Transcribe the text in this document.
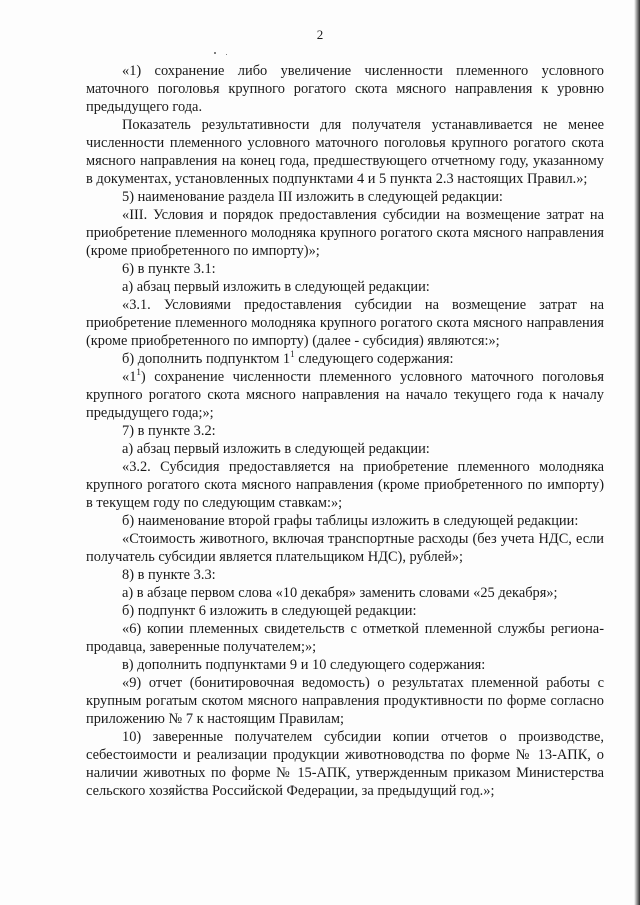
2

«1) сохранение либо увеличение численности племенного условного маточного поголовья крупного рогатого скота мясного направления к уровню предыдущего года.

Показатель результативности для получателя устанавливается не менее численности племенного условного маточного поголовья крупного рогатого скота мясного направления на конец года, предшествующего отчетному году, указанному в документах, установленных подпунктами 4 и 5 пункта 2.3 настоящих Правил.»;

5) наименование раздела III изложить в следующей редакции:

«III. Условия и порядок предоставления субсидии на возмещение затрат на приобретение племенного молодняка крупного рогатого скота мясного направления (кроме приобретенного по импорту)»;

6) в пункте 3.1:

а) абзац первый изложить в следующей редакции:

«3.1. Условиями предоставления субсидии на возмещение затрат на приобретение племенного молодняка крупного рогатого скота мясного направления (кроме приобретенного по импорту) (далее - субсидия) являются:»;

б) дополнить подпунктом $1^1$ следующего содержания:

«$1^1$) сохранение численности племенного условного маточного поголовья крупного рогатого скота мясного направления на начало текущего года к началу предыдущего года;»;

7) в пункте 3.2:

а) абзац первый изложить в следующей редакции:

«3.2. Субсидия предоставляется на приобретение племенного молодняка крупного рогатого скота мясного направления (кроме приобретенного по импорту) в текущем году по следующим ставкам:»;

б) наименование второй графы таблицы изложить в следующей редакции:

«Стоимость животного, включая транспортные расходы (без учета НДС, если получатель субсидии является плательщиком НДС), рублей»;

8) в пункте 3.3:

а) в абзаце первом слова «10 декабря» заменить словами «25 декабря»;

б) подпункт 6 изложить в следующей редакции:

«6) копии племенных свидетельств с отметкой племенной службы региона-продавца, заверенные получателем;»;

в) дополнить подпунктами 9 и 10 следующего содержания:

«9) отчет (бонитировочная ведомость) о результатах племенной работы с крупным рогатым скотом мясного направления продуктивности по форме согласно приложению № 7 к настоящим Правилам;

10) заверенные получателем субсидии копии отчетов о производстве, себестоимости и реализации продукции животноводства по форме № 13-АПК, о наличии животных по форме № 15-АПК, утвержденным приказом Министерства сельского хозяйства Российской Федерации, за предыдущий год.»;
